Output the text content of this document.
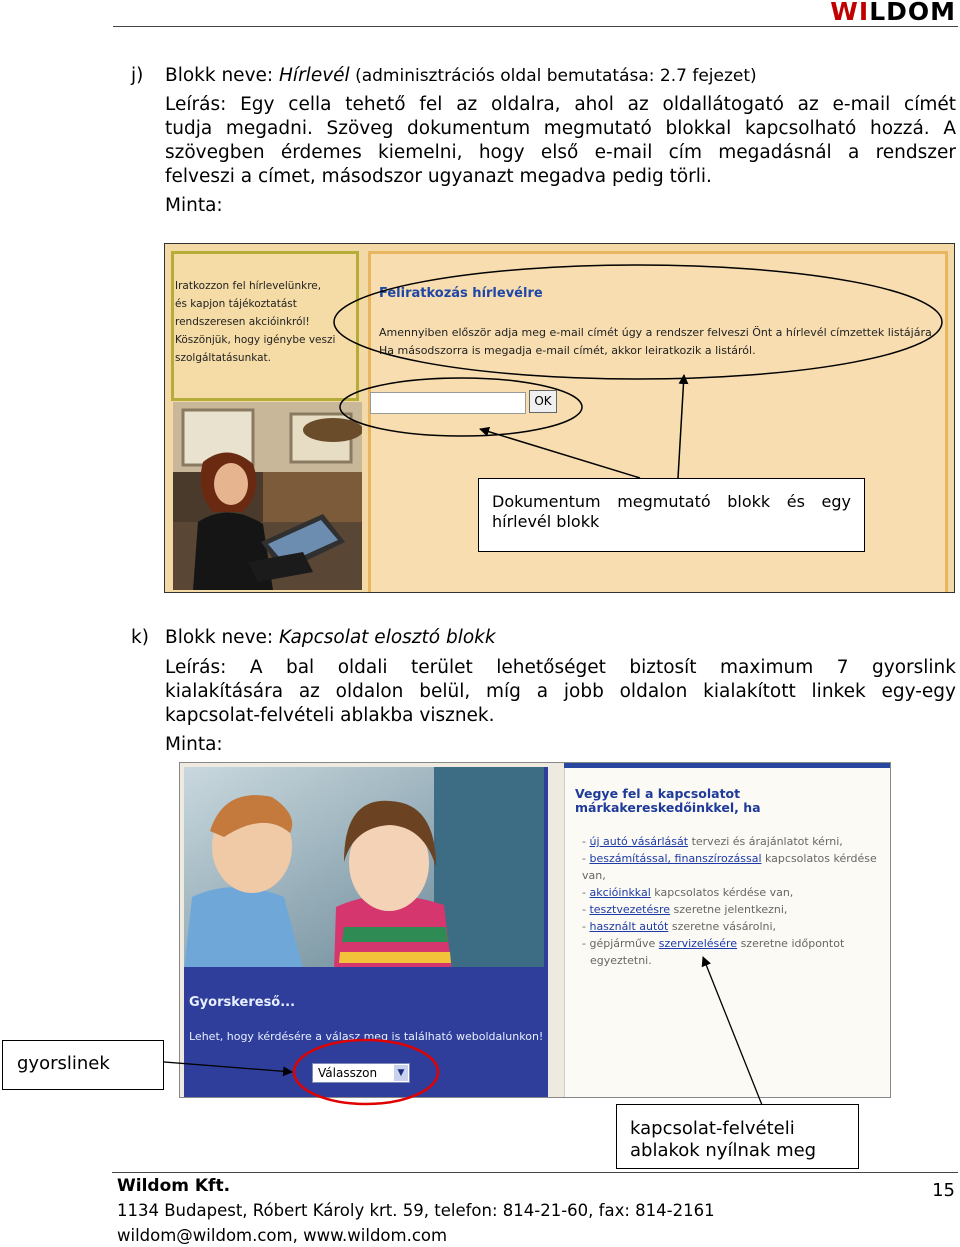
WILDOM
j) Blokk neve: Hírlevél (adminisztrációs oldal bemutatása: 2.7 fejezet)
Leírás: Egy cella tehető fel az oldalra, ahol az oldallátogató az e-mail címét
tudja megadni. Szöveg dokumentum megmutató blokkal kapcsolható hozzá. A
szövegben érdemes kiemelni, hogy első e-mail cím megadásnál a rendszer
felveszi a címet, másodszor ugyanazt megadva pedig törli.
Minta:
Iratkozzon fel hírlevelünkre,
és kapjon tájékoztatást
rendszeresen akcióinkról!
Köszönjük, hogy igénybe veszi
szolgáltatásunkat.
Feliratkozás hírlevélre
Amennyiben először adja meg e-mail címét úgy a rendszer felveszi Önt a hírlevél címzettek listájára.
Ha másodszorra is megadja e-mail címét, akkor leiratkozik a listáról.
OK
Dokumentum megmutató blokk és egy
hírlevél blokk
k) Blokk neve: Kapcsolat elosztó blokk
Leírás: A bal oldali terület lehetőséget biztosít maximum 7 gyorslink
kialakítására az oldalon belül, míg a jobb oldalon kialakított linkek egy-egy
kapcsolat-felvételi ablakba visznek.
Minta:
Gyorskereső...
Lehet, hogy kérdésére a válasz meg is található weboldalunkon!
Válasszon	▼
Vegye fel a kapcsolatot márkakereskedőinkkel, ha
- új autó vásárlását tervezi és árajánlatot kérni,
- beszámítással, finanszírozással kapcsolatos kérdése van,
- akcióinkkal kapcsolatos kérdése van,
- tesztvezetésre szeretne jelentkezni,
- használt autót szeretne vásárolni,
- gépjárműve szervizelésére szeretne időpontot
egyeztetni.
gyorslinek
kapcsolat-felvételi
ablakok nyílnak meg
Wildom Kft.	15
1134 Budapest, Róbert Károly krt. 59, telefon: 814-21-60, fax: 814-2161
wildom@wildom.com, www.wildom.com
